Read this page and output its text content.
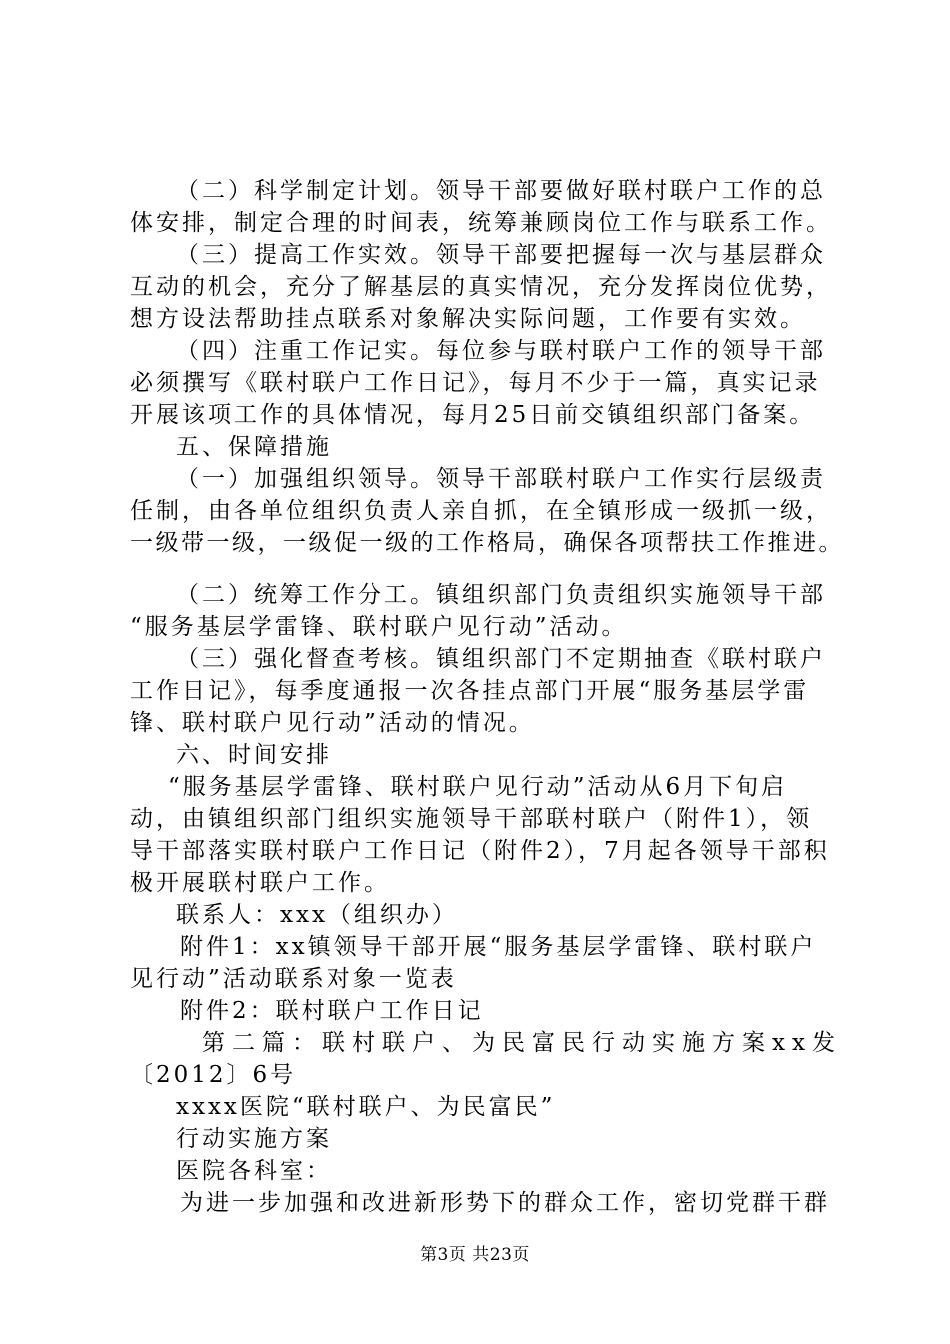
（二）科学制定计划。领导干部要做好联村联户工作的总
体安排，制定合理的时间表，统筹兼顾岗位工作与联系工作。
（三）提高工作实效。领导干部要把握每一次与基层群众
互动的机会，充分了解基层的真实情况，充分发挥岗位优势，
想方设法帮助挂点联系对象解决实际问题，工作要有实效。
（四）注重工作记实。每位参与联村联户工作的领导干部
必须撰写《联村联户工作日记》，每月不少于一篇，真实记录
开展该项工作的具体情况，每月25日前交镇组织部门备案。
五、保障措施
（一）加强组织领导。领导干部联村联户工作实行层级责
任制，由各单位组织负责人亲自抓，在全镇形成一级抓一级，
一级带一级，一级促一级的工作格局，确保各项帮扶工作推进。
（二）统筹工作分工。镇组织部门负责组织实施领导干部
“服务基层学雷锋、联村联户见行动”活动。
（三）强化督查考核。镇组织部门不定期抽查《联村联户
工作日记》，每季度通报一次各挂点部门开展“服务基层学雷
锋、联村联户见行动”活动的情况。
六、时间安排
“服务基层学雷锋、联村联户见行动”活动从6月下旬启
动，由镇组织部门组织实施领导干部联村联户（附件1），领
导干部落实联村联户工作日记（附件2），7月起各领导干部积
极开展联村联户工作。
联系人：xxx（组织办）
附件1：xx镇领导干部开展“服务基层学雷锋、联村联户
见行动”活动联系对象一览表
附件2：联村联户工作日记
第二篇：联村联户、为民富民行动实施方案xx发
〔2012〕6号
xxxx医院“联村联户、为民富民”
行动实施方案
医院各科室：
为进一步加强和改进新形势下的群众工作，密切党群干群
第3页 共23页
